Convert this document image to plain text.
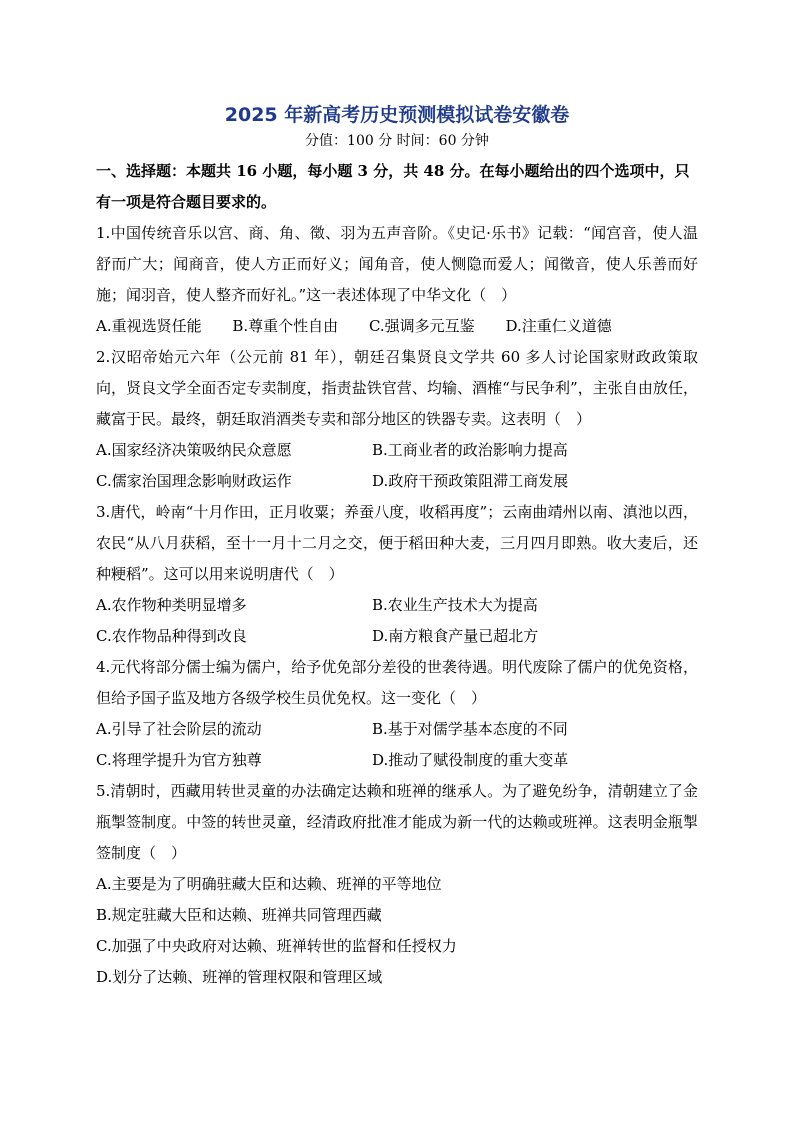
2025 年新高考历史预测模拟试卷安徽卷

分值：100 分 时间：60 分钟

一、选择题：本题共 16 小题，每小题 3 分，共 48 分。在每小题给出的四个选项中，只有一项是符合题目要求的。

1.中国传统音乐以宫、商、角、徵、羽为五声音阶。《史记·乐书》记载：“闻宫音，使人温舒而广大；闻商音，使人方正而好义；闻角音，使人恻隐而爱人；闻徵音，使人乐善而好施；闻羽音，使人整齐而好礼。”这一表述体现了中华文化（　）

A.重视选贤任能 B.尊重个性自由 C.强调多元互鉴 D.注重仁义道德

2.汉昭帝始元六年（公元前 81 年），朝廷召集贤良文学共 60 多人讨论国家财政政策取向，贤良文学全面否定专卖制度，指责盐铁官营、均输、酒榷“与民争利”，主张自由放任，藏富于民。最终，朝廷取消酒类专卖和部分地区的铁器专卖。这表明（　）

A.国家经济决策吸纳民众意愿	B.工商业者的政治影响力提高
C.儒家治国理念影响财政运作	D.政府干预政策阻滞工商发展

3.唐代，岭南“十月作田，正月收粟；养蚕八度，收稻再度”；云南曲靖州以南、滇池以西，农民“从八月获稻，至十一月十二月之交，便于稻田种大麦，三月四月即熟。收大麦后，还种粳稻”。这可以用来说明唐代（　）

A.农作物种类明显增多	B.农业生产技术大为提高
C.农作物品种得到改良	D.南方粮食产量已超北方

4.元代将部分儒士编为儒户，给予优免部分差役的世袭待遇。明代废除了儒户的优免资格，但给予国子监及地方各级学校生员优免权。这一变化（　）

A.引导了社会阶层的流动	B.基于对儒学基本态度的不同
C.将理学提升为官方独尊	D.推动了赋役制度的重大变革

5.清朝时，西藏用转世灵童的办法确定达赖和班禅的继承人。为了避免纷争，清朝建立了金瓶掣签制度。中签的转世灵童，经清政府批准才能成为新一代的达赖或班禅。这表明金瓶掣签制度（　）

A.主要是为了明确驻藏大臣和达赖、班禅的平等地位
B.规定驻藏大臣和达赖、班禅共同管理西藏
C.加强了中央政府对达赖、班禅转世的监督和任授权力
D.划分了达赖、班禅的管理权限和管理区域
